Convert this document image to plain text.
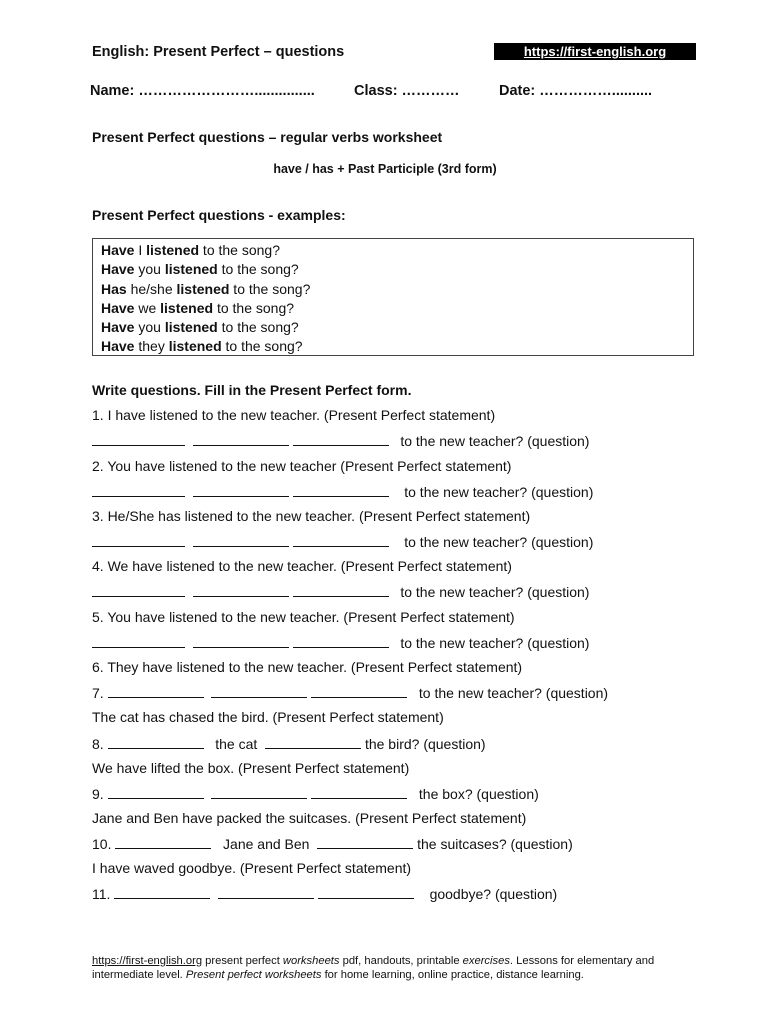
English: Present Perfect – questions	https://first-english.org
Name: ……………………...............	Class: …………	Date: ……………..........
Present Perfect questions – regular verbs worksheet
have / has + Past Participle (3rd form)
Present Perfect questions - examples:
Have I listened to the song?
Have you listened to the song?
Has he/she listened to the song?
Have we listened to the song?
Have you listened to the song?
Have they listened to the song?
Write questions. Fill in the Present Perfect form.
1. I have listened to the new teacher. (Present Perfect statement)
to the new teacher? (question)
2. You have listened to the new teacher (Present Perfect statement)
to the new teacher? (question)
3. He/She has listened to the new teacher. (Present Perfect statement)
to the new teacher? (question)
4. We have listened to the new teacher. (Present Perfect statement)
to the new teacher? (question)
5. You have listened to the new teacher. (Present Perfect statement)
to the new teacher? (question)
6. They have listened to the new teacher. (Present Perfect statement)
7.	to the new teacher? (question)
The cat has chased the bird. (Present Perfect statement)
8.	the cat	the bird? (question)
We have lifted the box. (Present Perfect statement)
9.	the box? (question)
Jane and Ben have packed the suitcases. (Present Perfect statement)
10.	Jane and Ben	the suitcases? (question)
I have waved goodbye. (Present Perfect statement)
11.	goodbye? (question)
https://first-english.org present perfect worksheets pdf, handouts, printable exercises. Lessons for elementary and intermediate level. Present perfect worksheets for home learning, online practice, distance learning.
